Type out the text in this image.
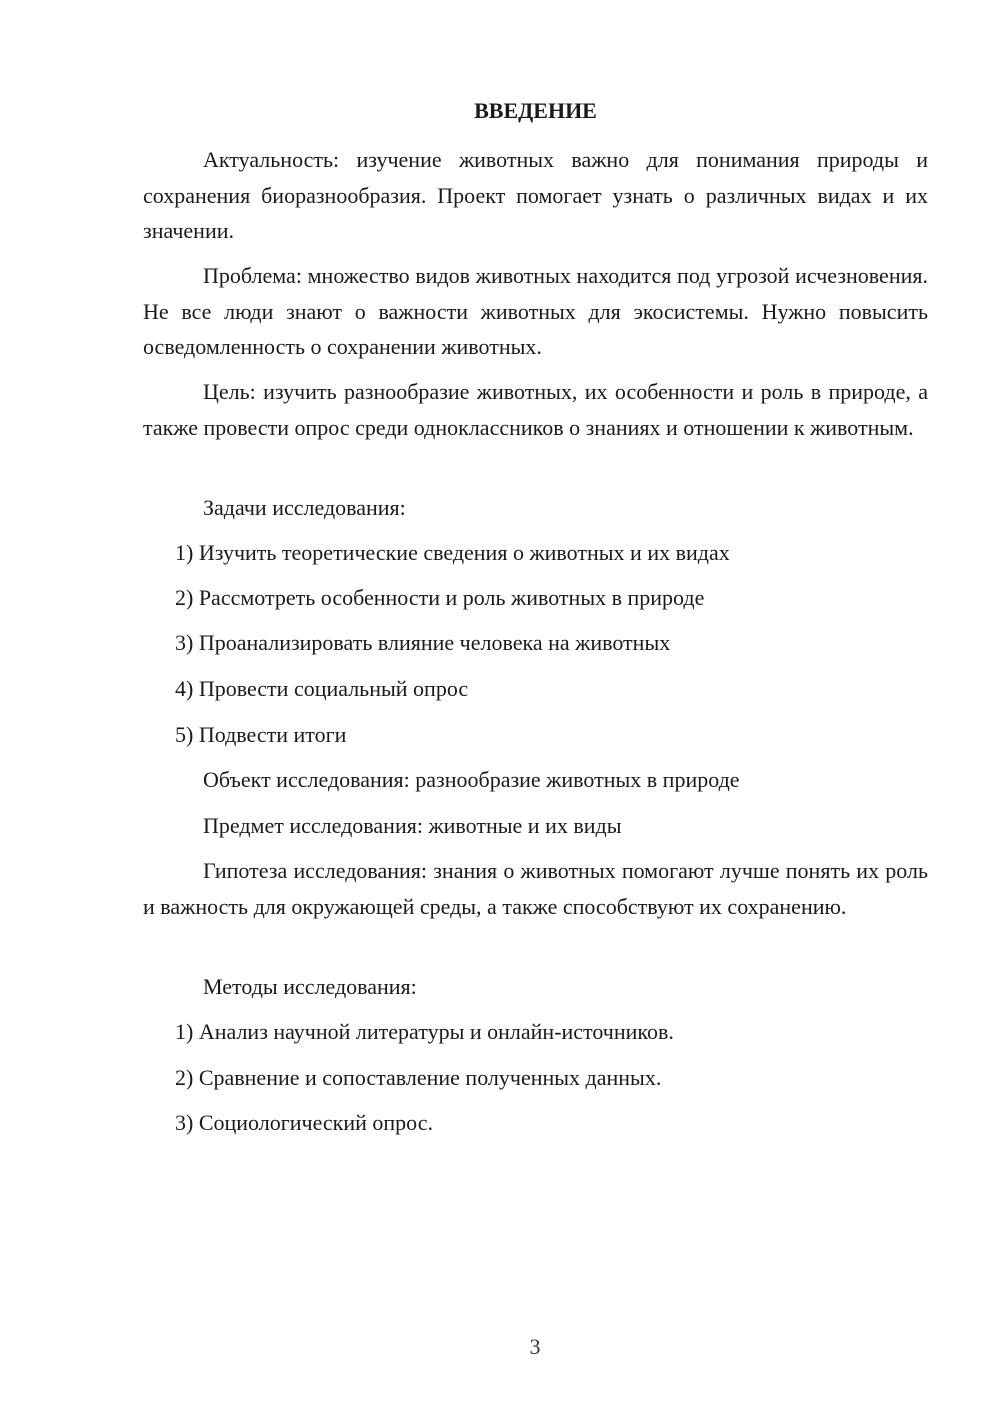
ВВЕДЕНИЕ

Актуальность: изучение животных важно для понимания природы и сохранения биоразнообразия. Проект помогает узнать о различных видах и их значении.

Проблема: множество видов животных находится под угрозой исчезновения. Не все люди знают о важности животных для экосистемы. Нужно повысить осведомленность о сохранении животных.

Цель: изучить разнообразие животных, их особенности и роль в природе, а также провести опрос среди одноклассников о знаниях и отношении к животным.

Задачи исследования:

1) Изучить теоретические сведения о животных и их видах

2) Рассмотреть особенности и роль животных в природе

3) Проанализировать влияние человека на животных

4) Провести социальный опрос

5) Подвести итоги

Объект исследования: разнообразие животных в природе

Предмет исследования: животные и их виды

Гипотеза исследования: знания о животных помогают лучше понять их роль и важность для окружающей среды, а также способствуют их сохранению.

Методы исследования:

1) Анализ научной литературы и онлайн-источников.

2) Сравнение и сопоставление полученных данных.

3) Социологический опрос.

3
